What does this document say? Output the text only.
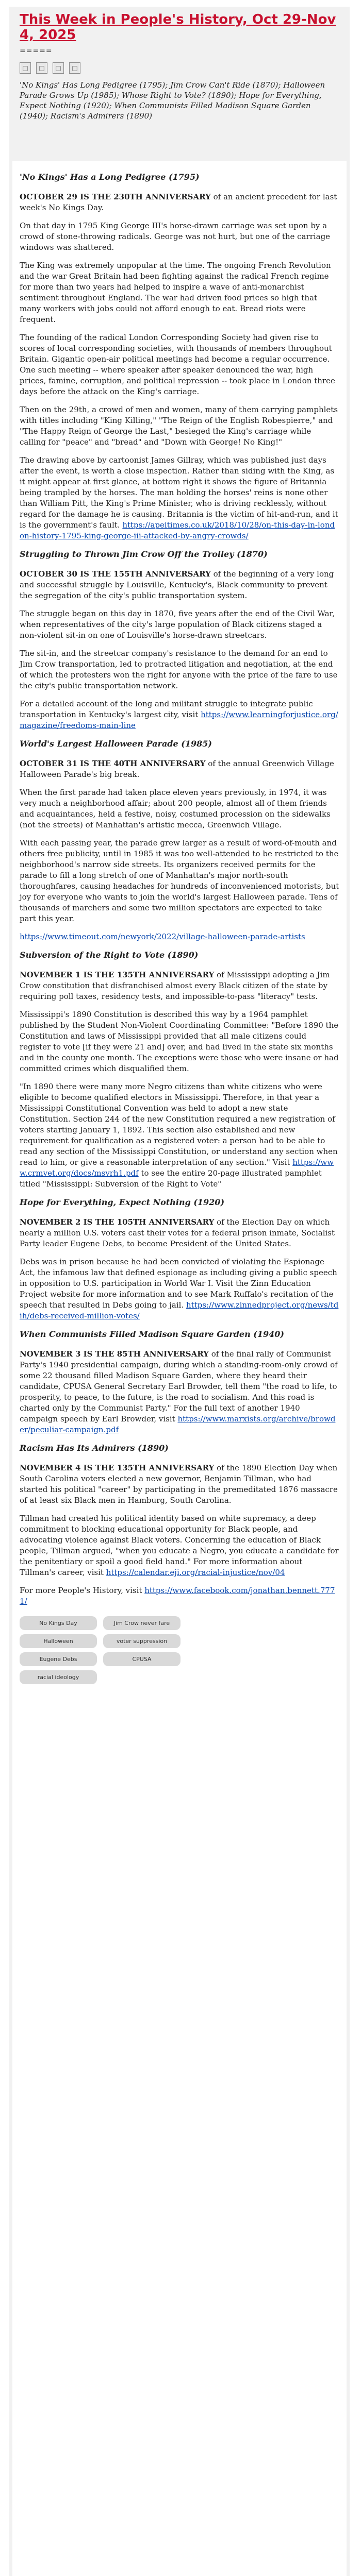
This Week in People's History, Oct 29-Nov 4, 2025
=====
□	□	□	□

'No Kings' Has Long Pedigree (1795); Jim Crow Can't Ride (1870); Halloween Parade Grows Up (1985); Whose Right to Vote? (1890); Hope for Everything, Expect Nothing (1920); When Communists Filled Madison Square Garden (1940); Racism's Admirers (1890)

'No Kings' Has a Long Pedigree (1795)

OCTOBER 29 IS THE 230TH ANNIVERSARY of an ancient precedent for last week's No Kings Day.

On that day in 1795 King George III's horse-drawn carriage was set upon by a crowd of stone-throwing radicals. George was not hurt, but one of the carriage windows was shattered.

The King was extremely unpopular at the time. The ongoing French Revolution and the war Great Britain had been fighting against the radical French regime for more than two years had helped to inspire a wave of anti-monarchist sentiment throughout England. The war had driven food prices so high that many workers with jobs could not afford enough to eat. Bread riots were frequent.

The founding of the radical London Corresponding Society had given rise to scores of local corresponding societies, with thousands of members throughout Britain. Gigantic open-air political meetings had become a regular occurrence. One such meeting -- where speaker after speaker denounced the war, high prices, famine, corruption, and political repression -- took place in London three days before the attack on the King's carriage.

Then on the 29th, a crowd of men and women, many of them carrying pamphlets with titles including "King Killing," "The Reign of the English Robespierre," and "The Happy Reign of George the Last," besieged the King's carriage while calling for "peace" and "bread" and "Down with George! No King!"

The drawing above by cartoonist James Gillray, which was published just days after the event, is worth a close inspection. Rather than siding with the King, as it might appear at first glance, at bottom right it shows the figure of Britannia being trampled by the horses. The man holding the horses' reins is none other than William Pitt, the King's Prime Minister, who is driving recklessly, without regard for the damage he is causing. Britannia is the victim of hit-and-run, and it is the government's fault. https://apeitimes.co.uk/2018/10/28/on-this-day-in-london-history-1795-king-george-iii-attacked-by-angry-crowds/

Struggling to Thrown Jim Crow Off the Trolley (1870)

OCTOBER 30 IS THE 155TH ANNIVERSARY of the beginning of a very long and successful struggle by Louisville, Kentucky's, Black community to prevent the segregation of the city's public transportation system.

The struggle began on this day in 1870, five years after the end of the Civil War, when representatives of the city's large population of Black citizens staged a non-violent sit-in on one of Louisville's horse-drawn streetcars.

The sit-in, and the streetcar company's resistance to the demand for an end to Jim Crow transportation, led to protracted litigation and negotiation, at the end of which the protesters won the right for anyone with the price of the fare to use the city's public transportation network.

For a detailed account of the long and militant struggle to integrate public transportation in Kentucky's largest city, visit https://www.learningforjustice.org/magazine/freedoms-main-line

World's Largest Halloween Parade (1985)

OCTOBER 31 IS THE 40TH ANNIVERSARY of the annual Greenwich Village Halloween Parade's big break.

When the first parade had taken place eleven years previously, in 1974, it was very much a neighborhood affair; about 200 people, almost all of them friends and acquaintances, held a festive, noisy, costumed procession on the sidewalks (not the streets) of Manhattan's artistic mecca, Greenwich Village.

With each passing year, the parade grew larger as a result of word-of-mouth and others free publicity, until in 1985 it was too well-attended to be restricted to the neighborhood's narrow side streets. Its organizers received permits for the parade to fill a long stretch of one of Manhattan's major north-south thoroughfares, causing headaches for hundreds of inconvenienced motorists, but joy for everyone who wants to join the world's largest Halloween parade. Tens of thousands of marchers and some two million spectators are expected to take part this year.

https://www.timeout.com/newyork/2022/village-halloween-parade-artists

Subversion of the Right to Vote (1890)

NOVEMBER 1 IS THE 135TH ANNIVERSARY of Mississippi adopting a Jim Crow constitution that disfranchised almost every Black citizen of the state by requiring poll taxes, residency tests, and impossible-to-pass "literacy" tests.

Mississippi's 1890 Constitution is described this way by a 1964 pamphlet published by the Student Non-Violent Coordinating Committee: "Before 1890 the Constitution and laws of Mississippi provided that all male citizens could register to vote [if they were 21 and] over, and had lived in the state six months and in the county one month. The exceptions were those who were insane or had committed crimes which disqualified them.

"In 1890 there were many more Negro citizens than white citizens who were eligible to become qualified electors in Mississippi. Therefore, in that year a Mississippi Constitutional Convention was held to adopt a new state Constitution. Section 244 of the new Constitution required a new registration of voters starting January 1, 1892. This section also established and new requirement for qualification as a registered voter: a person had to be able to read any section of the Mississippi Constitution, or understand any section when read to him, or give a reasonable interpretation of any section." Visit https://www.crmvet.org/docs/msvrh1.pdf to see the entire 20-page illustrated pamphlet titled "Mississippi: Subversion of the Right to Vote"

Hope for Everything, Expect Nothing (1920)

NOVEMBER 2 IS THE 105TH ANNIVERSARY of the Election Day on which nearly a million U.S. voters cast their votes for a federal prison inmate, Socialist Party leader Eugene Debs, to become President of the United States.

Debs was in prison because he had been convicted of violating the Espionage Act, the infamous law that defined espionage as including giving a public speech in opposition to U.S. participation in World War I. Visit the Zinn Education Project website for more information and to see Mark Ruffalo's recitation of the speech that resulted in Debs going to jail. https://www.zinnedproject.org/news/tdih/debs-received-million-votes/

When Communists Filled Madison Square Garden (1940)

NOVEMBER 3 IS THE 85TH ANNIVERSARY of the final rally of Communist Party's 1940 presidential campaign, during which a standing-room-only crowd of some 22 thousand filled Madison Square Garden, where they heard their candidate, CPUSA General Secretary Earl Browder, tell them "the road to life, to prosperity, to peace, to the future, is the road to socialism. And this road is charted only by the Communist Party." For the full text of another 1940 campaign speech by Earl Browder, visit https://www.marxists.org/archive/browder/peculiar-campaign.pdf

Racism Has Its Admirers (1890)

NOVEMBER 4 IS THE 135TH ANNIVERSARY of the 1890 Election Day when South Carolina voters elected a new governor, Benjamin Tillman, who had started his political "career" by participating in the premeditated 1876 massacre of at least six Black men in Hamburg, South Carolina.

Tillman had created his political identity based on white supremacy, a deep commitment to blocking educational opportunity for Black people, and advocating violence against Black voters. Concerning the education of Black people, Tillman argued, "when you educate a Negro, you educate a candidate for the penitentiary or spoil a good field hand." For more information about Tillman's career, visit https://calendar.eji.org/racial-injustice/nov/04

For more People's History, visit https://www.facebook.com/jonathan.bennett.7771/

No Kings Day	Jim Crow never fare
Halloween	voter suppression
Eugene Debs	CPUSA
racial ideology
